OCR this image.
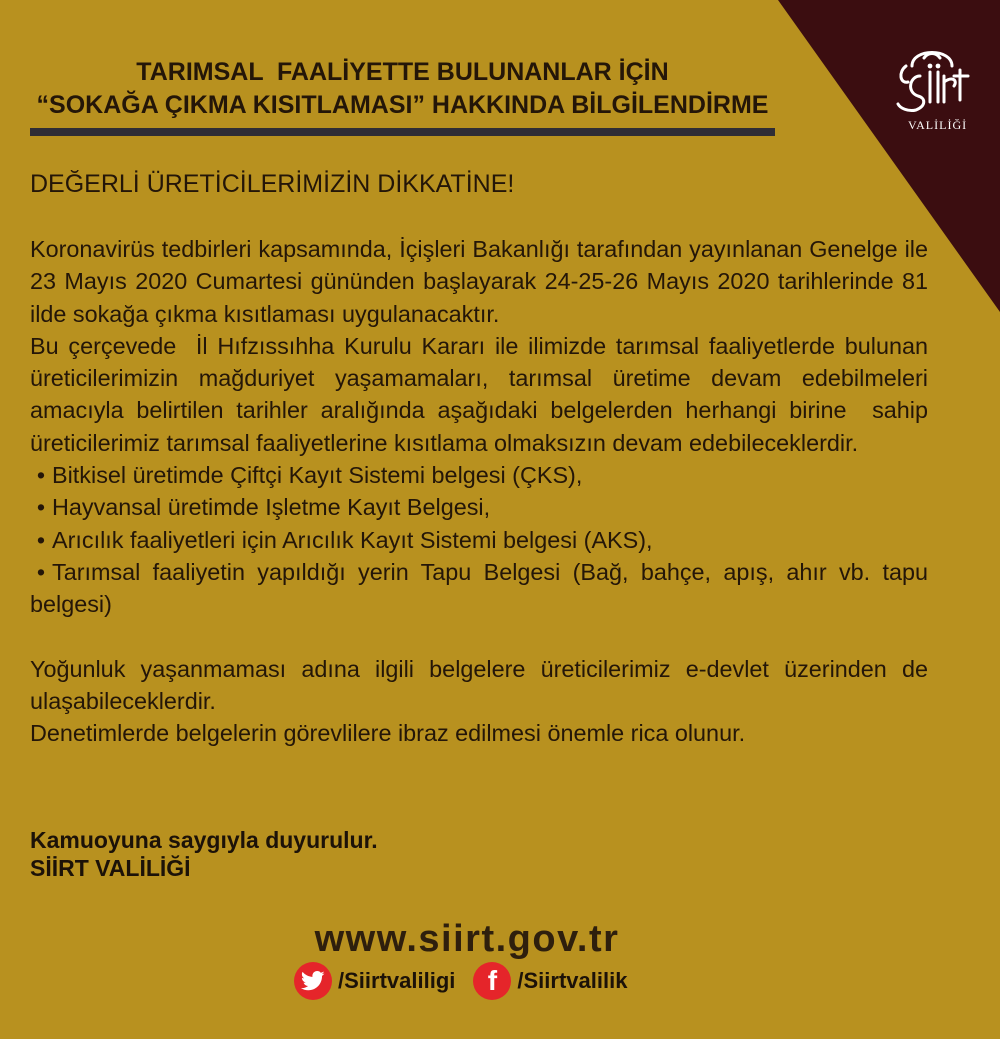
VALİLİĞİ
TARIMSAL  FAALİYETTE BULUNANLAR İÇİN
“SOKAĞA ÇIKMA KISITLAMASI” HAKKINDA BİLGİLENDİRME
DEĞERLİ ÜRETİCİLERİMİZİN DİKKATİNE!

Koronavirüs tedbirleri kapsamında, İçişleri Bakanlığı tarafından yayınlanan Genelge ile 23 Mayıs 2020 Cumartesi gününden başlayarak 24-25-26 Mayıs 2020 tarihlerinde 81 ilde sokağa çıkma kısıtlaması uygulanacaktır.

Bu çerçevede  İl Hıfzıssıhha Kurulu Kararı ile ilimizde tarımsal faaliyetlerde bulunan üreticilerimizin mağduriyet yaşamamaları, tarımsal üretime devam edebilmeleri amacıyla belirtilen tarihler aralığında aşağıdaki belgelerden herhangi birine  sahip üreticilerimiz tarımsal faaliyetlerine kısıtlama olmaksızın devam edebileceklerdir.

• Bitkisel üretimde Çiftçi Kayıt Sistemi belgesi (ÇKS),
• Hayvansal üretimde Işletme Kayıt Belgesi,
• Arıcılık faaliyetleri için Arıcılık Kayıt Sistemi belgesi (AKS),
• Tarımsal faaliyetin yapıldığı yerin Tapu Belgesi (Bağ, bahçe, apış, ahır vb. tapu belgesi)

Yoğunluk yaşanmaması adına ilgili belgelere üreticilerimiz e-devlet üzerinden de ulaşabileceklerdir.

Denetimlerde belgelerin görevlilere ibraz edilmesi önemle rica olunur.

Kamuoyuna saygıyla duyurulur.
SİİRT VALİLİĞİ
www.siirt.gov.tr
/Siirtvaliligi	f /Siirtvalilik
